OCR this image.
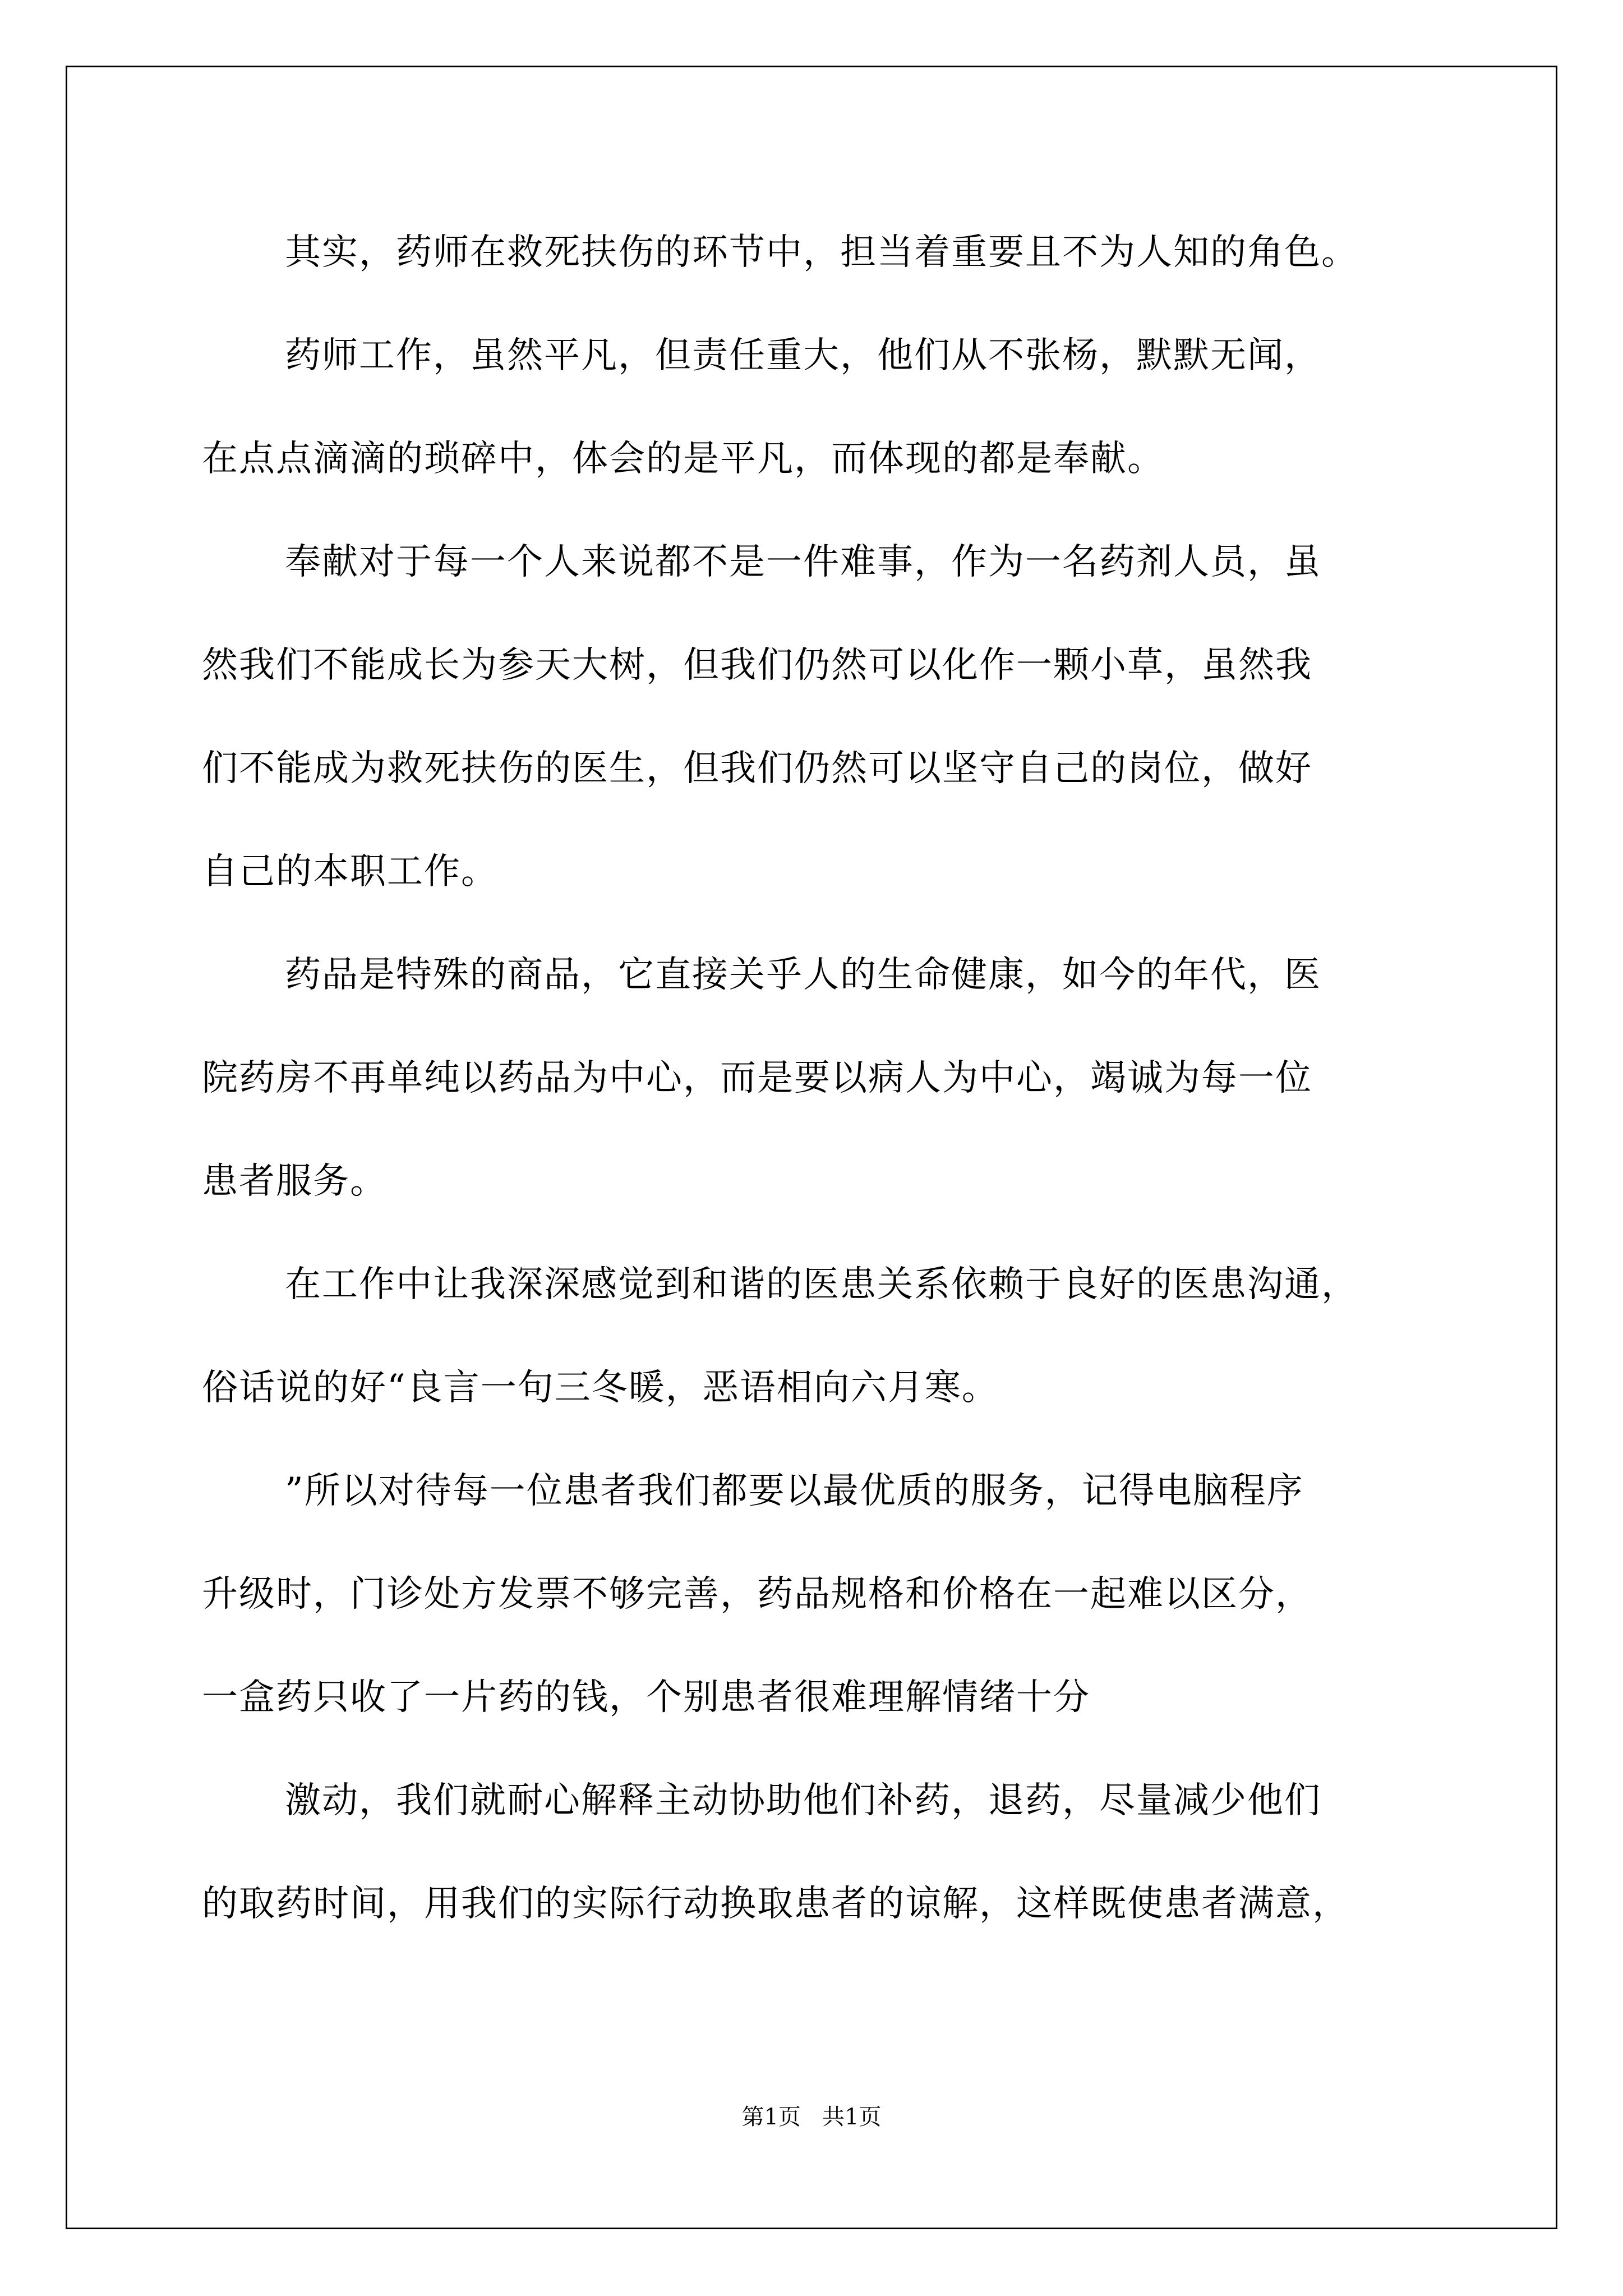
其实，药师在救死扶伤的环节中，担当着重要且不为人知的角色。
药师工作，虽然平凡，但责任重大，他们从不张杨，默默无闻，
在点点滴滴的琐碎中，体会的是平凡，而体现的都是奉献。
奉献对于每一个人来说都不是一件难事，作为一名药剂人员，虽
然我们不能成长为参天大树，但我们仍然可以化作一颗小草，虽然我
们不能成为救死扶伤的医生，但我们仍然可以坚守自己的岗位，做好
自己的本职工作。
药品是特殊的商品，它直接关乎人的生命健康，如今的年代，医
院药房不再单纯以药品为中心，而是要以病人为中心，竭诚为每一位
患者服务。
在工作中让我深深感觉到和谐的医患关系依赖于良好的医患沟通，
俗话说的好“良言一句三冬暖，恶语相向六月寒。
”所以对待每一位患者我们都要以最优质的服务，记得电脑程序
升级时，门诊处方发票不够完善，药品规格和价格在一起难以区分，
一盒药只收了一片药的钱，个别患者很难理解情绪十分
激动，我们就耐心解释主动协助他们补药，退药，尽量减少他们
的取药时间，用我们的实际行动换取患者的谅解，这样既使患者满意，
第1页   共1页
